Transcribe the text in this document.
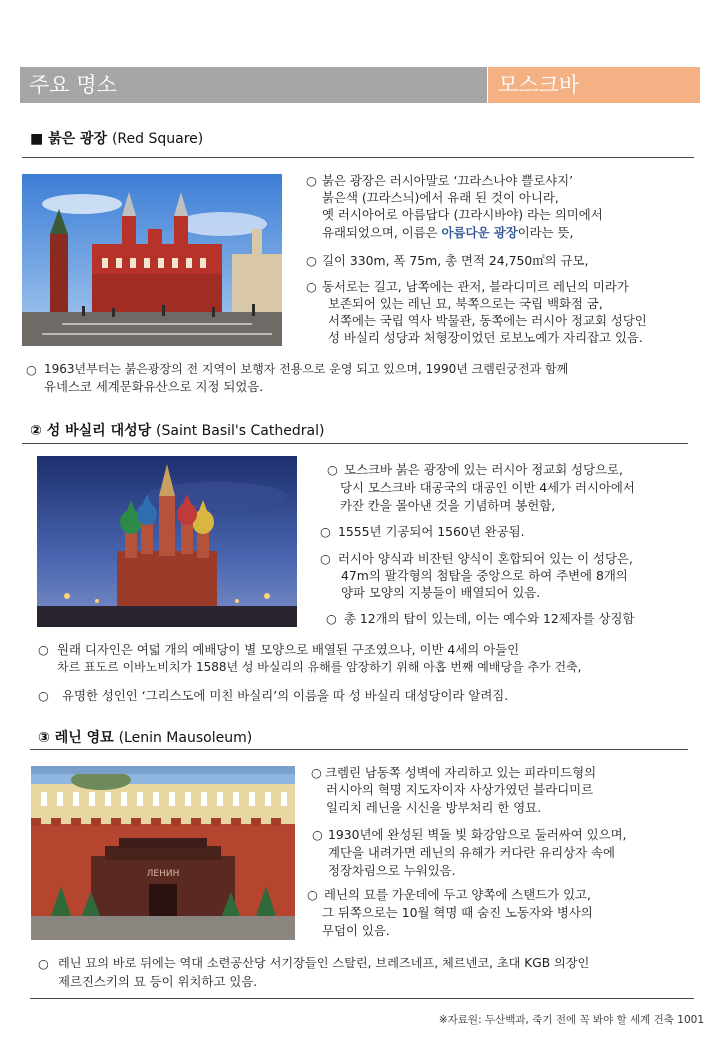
주요 명소	모스크바
■ 붉은 광장 (Red Square)
○ 붉은 광장은 러시아말로 ‘끄라스나야 쁠로샤지’
붉은색 (끄라스늬)에서 유래 된 것이 아니라,
옛 러시아어로 아름답다 (끄라시바야) 라는 의미에서
유래되었으며, 이름은 아름다운 광장이라는 뜻,
○ 길이 330m, 폭 75m, 총 면적 24,750㎡의 규모,
○ 동서로는 길고, 남쪽에는 관저, 블라디미르 레닌의 미라가
보존되어 있는 레닌 묘, 북쪽으로는 국립 백화점 굼,
서쪽에는 국립 역사 박물관, 동쪽에는 러시아 정교회 성당인
성 바실리 성당과 처형장이었던 로보노예가 자리잡고 있음.
○ 1963년부터는 붉은광장의 전 지역이 보행자 전용으로 운영 되고 있으며, 1990년 크렘린궁전과 함께
유네스코 세계문화유산으로 지정 되었음.
② 성 바실리 대성당 (Saint Basil's Cathedral)
○ 모스크바 붉은 광장에 있는 러시아 정교회 성당으로,
당시 모스크바 대공국의 대공인 이반 4세가 러시아에서
카잔 칸을 몰아낸 것을 기념하며 봉헌함,
○ 1555년 기공되어 1560년 완공됨.
○ 러시아 양식과 비잔틴 양식이 혼합되어 있는 이 성당은,
47m의 팔각형의 첨탑을 중앙으로 하여 주변에 8개의
양파 모양의 지붕들이 배열되어 있음.
○ 총 12개의 탑이 있는데, 이는 예수와 12제자를 상징함
○ 원래 디자인은 여덟 개의 예배당이 별 모양으로 배열된 구조였으나, 이반 4세의 아들인
차르 표도르 이바노비치가 1588년 성 바실리의 유해를 암장하기 위해 아홉 번째 예배당을 추가 건축,
○ 유명한 성인인 ‘그리스도에 미친 바실리’의 이름을 따 성 바실리 대성당이라 알려짐.
③ 레닌 영묘 (Lenin Mausoleum)
ЛЕНИН
○ 크렘린 남동쪽 성벽에 자리하고 있는 피라미드형의
러시아의 혁명 지도자이자 사상가였던 블라디미르
일리치 레닌을 시신을 방부처리 한 영묘.
○ 1930년에 완성된 벽돌 빛 화강암으로 둘러싸여 있으며,
계단을 내려가면 레닌의 유해가 커다란 유리상자 속에
정장차림으로 누워있음.
○ 레닌의 묘를 가운데에 두고 양쪽에 스탠드가 있고,
그 뒤쪽으로는 10월 혁명 때 숨진 노동자와 병사의
무덤이 있음.
○ 레닌 묘의 바로 뒤에는 역대 소련공산당 서기장들인 스탈린, 브레즈네프, 체르넨코, 초대 KGB 의장인
제르진스키의 묘 등이 위치하고 있음.
※자료원: 두산백과, 죽기 전에 꼭 봐야 할 세계 건축 1001
